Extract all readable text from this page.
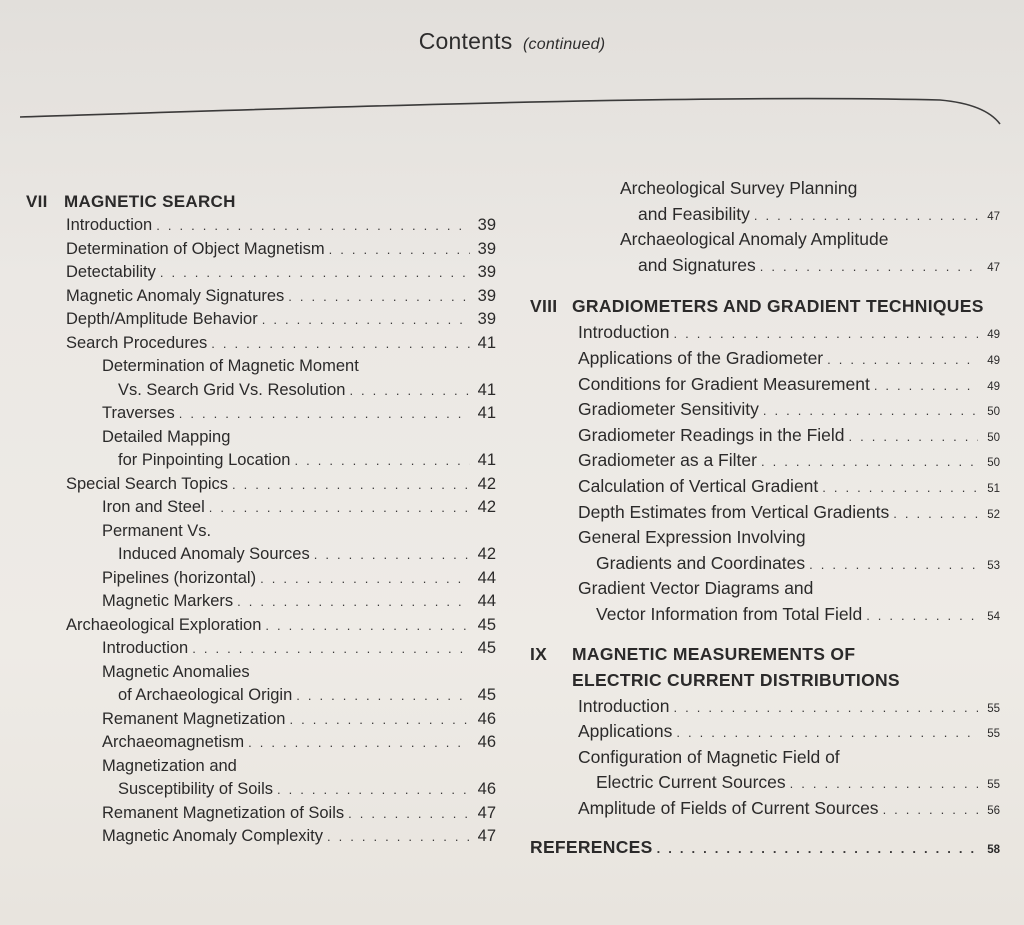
Contents (continued)
VII MAGNETIC SEARCH
Introduction . . .	39
Determination of Object Magnetism . . .	39
Detectability . . .	39
Magnetic Anomaly Signatures . . .	39
Depth/Amplitude Behavior . . .	39
Search Procedures . . .	41
Determination of Magnetic Moment
Vs. Search Grid Vs. Resolution . . .	41
Traverses . . .	41
Detailed Mapping
for Pinpointing Location . . .	41
Special Search Topics . . .	42
Iron and Steel . . .	42
Permanent Vs.
Induced Anomaly Sources . . .	42
Pipelines (horizontal) . . .	44
Magnetic Markers . . .	44
Archaeological Exploration . . .	45
Introduction . . .	45
Magnetic Anomalies
of Archaeological Origin . . .	45
Remanent Magnetization . . .	46
Archaeomagnetism . . .	46
Magnetization and
Susceptibility of Soils . . .	46
Remanent Magnetization of Soils . . .	47
Magnetic Anomaly Complexity . . .	47
Archeological Survey Planning
and Feasibility . . .	47
Archaeological Anomaly Amplitude
and Signatures . . .	47
VIII GRADIOMETERS AND GRADIENT TECHNIQUES
Introduction . . .	49
Applications of the Gradiometer . . .	49
Conditions for Gradient Measurement . . .	49
Gradiometer Sensitivity . . .	50
Gradiometer Readings in the Field . . .	50
Gradiometer as a Filter . . .	50
Calculation of Vertical Gradient . . .	51
Depth Estimates from Vertical Gradients . . .	52
General Expression Involving
Gradients and Coordinates . . .	53
Gradient Vector Diagrams and
Vector Information from Total Field . . .	54
IX	MAGNETIC MEASUREMENTS OF
ELECTRIC CURRENT DISTRIBUTIONS
Introduction . . .	55
Applications . . .	55
Configuration of Magnetic Field of
Electric Current Sources . . .	55
Amplitude of Fields of Current Sources . . .	56
REFERENCES . . .	58
